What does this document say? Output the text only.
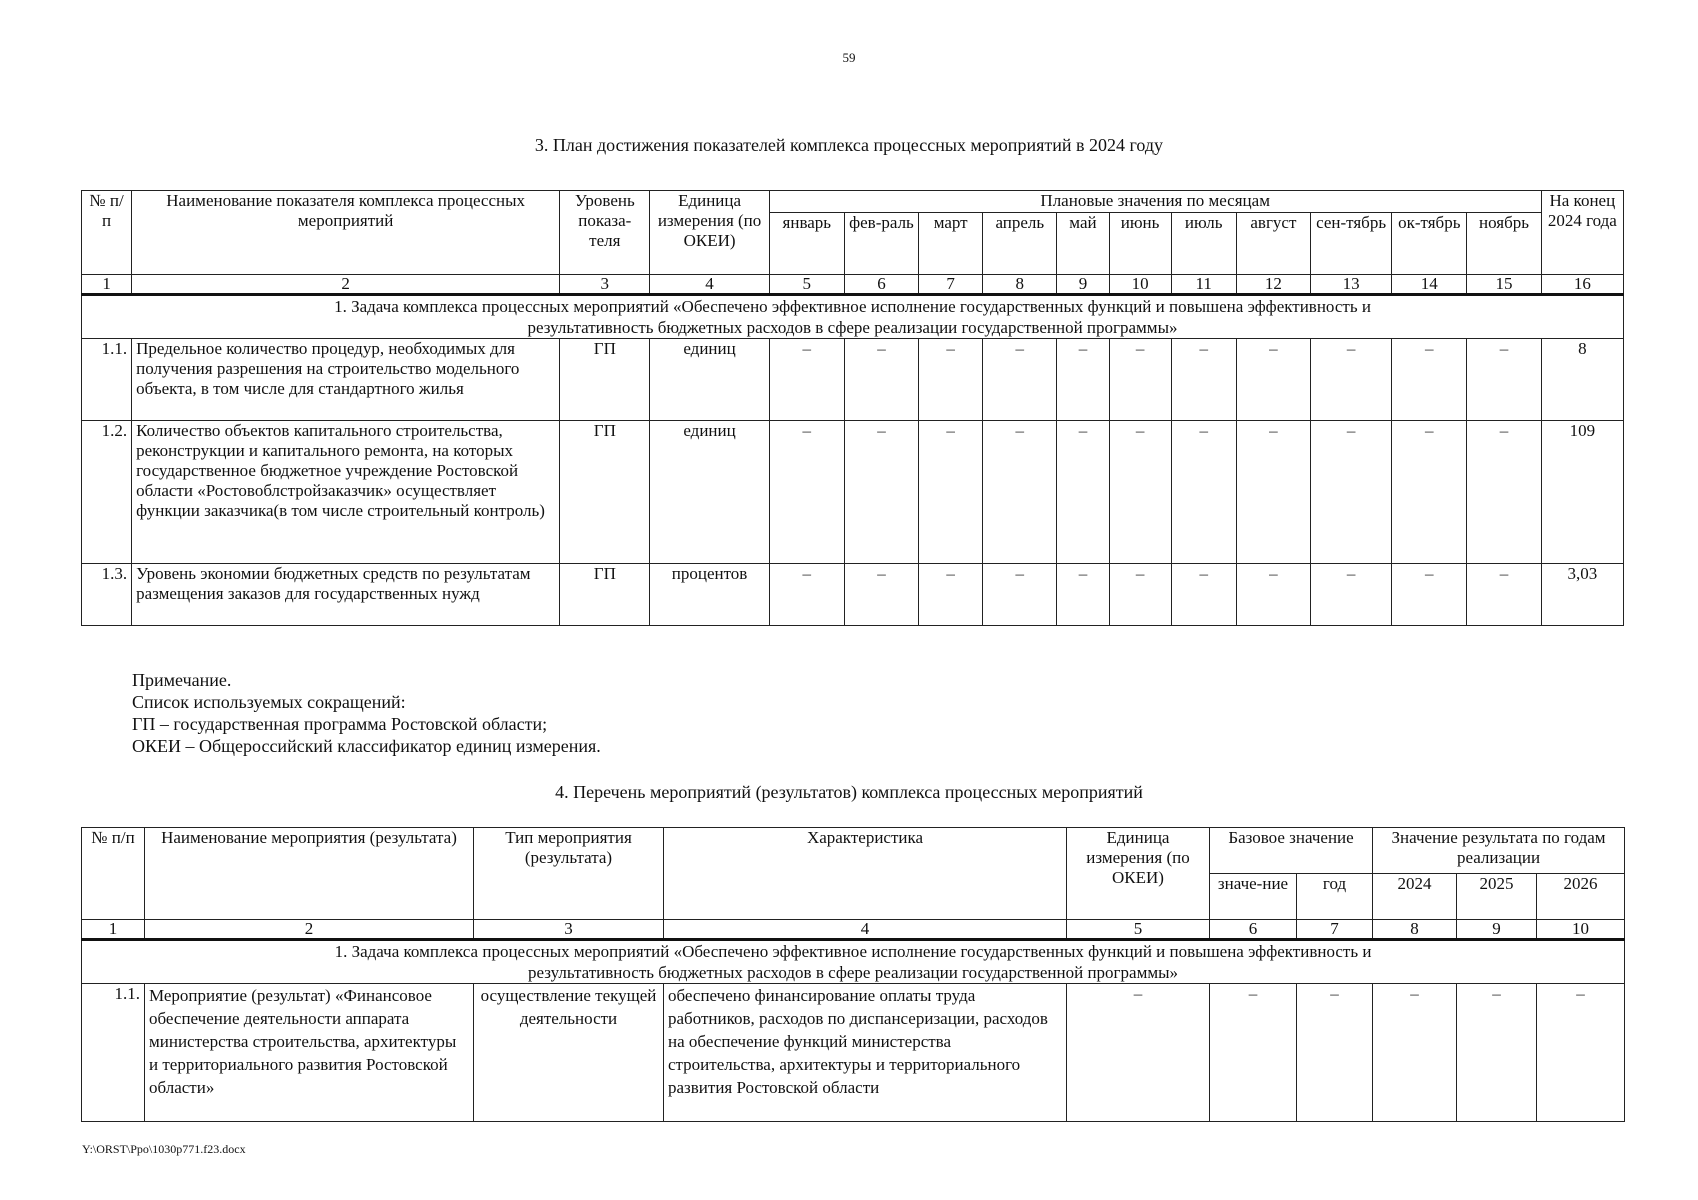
59
3. План достижения показателей комплекса процессных мероприятий в 2024 году
№ п/п	Наименование показателя комплекса процессных мероприятий	Уровень показа-теля	Единица измерения (по ОКЕИ)	Плановые значения по месяцам											На конец 2024 года
				январь	фев-раль	март	апрель	май	июнь	июль	август	сен-тябрь	ок-тябрь	ноябрь	
1	2	3	4	5	6	7	8	9	10	11	12	13	14	15	16
1. Задача комплекса процессных мероприятий «Обеспечено эффективное исполнение государственных функций и повышена эффективность и результативность бюджетных расходов в сфере реализации государственной программы»															
1.1.	Предельное количество процедур, необходимых для получения разрешения на строительство модельного объекта, в том числе для стандартного жилья	ГП	единиц	–	–	–	–	–	–	–	–	–	–	–	8
1.2.	Количество объектов капитального строительства, реконструкции и капитального ремонта, на которых государственное бюджетное учреждение Ростовской области «Ростовоблстройзаказчик» осуществляет функции заказчика(в том числе строительный контроль)	ГП	единиц	–	–	–	–	–	–	–	–	–	–	–	109
1.3.	Уровень экономии бюджетных средств по результатам размещения заказов для государственных нужд	ГП	процентов	–	–	–	–	–	–	–	–	–	–	–	3,03
Примечание.
Список используемых сокращений:
ГП – государственная программа Ростовской области;
ОКЕИ – Общероссийский классификатор единиц измерения.
4. Перечень мероприятий (результатов) комплекса процессных мероприятий
№ п/п	Наименование мероприятия (результата)	Тип мероприятия (результата)	Характеристика	Единица измерения (по ОКЕИ)	Базовое значение		Значение результата по годам реализации		
					значе-ние	год	2024	2025	2026
1	2	3	4	5	6	7	8	9	10
1. Задача комплекса процессных мероприятий «Обеспечено эффективное исполнение государственных функций и повышена эффективность и результативность бюджетных расходов в сфере реализации государственной программы»									
1.1.	Мероприятие (результат) «Финансовое обеспечение деятельности аппарата министерства строительства, архитектуры и территориального развития Ростовской области»	осуществление текущей деятельности	обеспечено финансирование оплаты труда работников, расходов по диспансеризации, расходов на обеспечение функций министерства строительства, архитектуры и территориального развития Ростовской области	–	–	–	–	–	–
Y:\ORST\Ppo\1030p771.f23.docx
